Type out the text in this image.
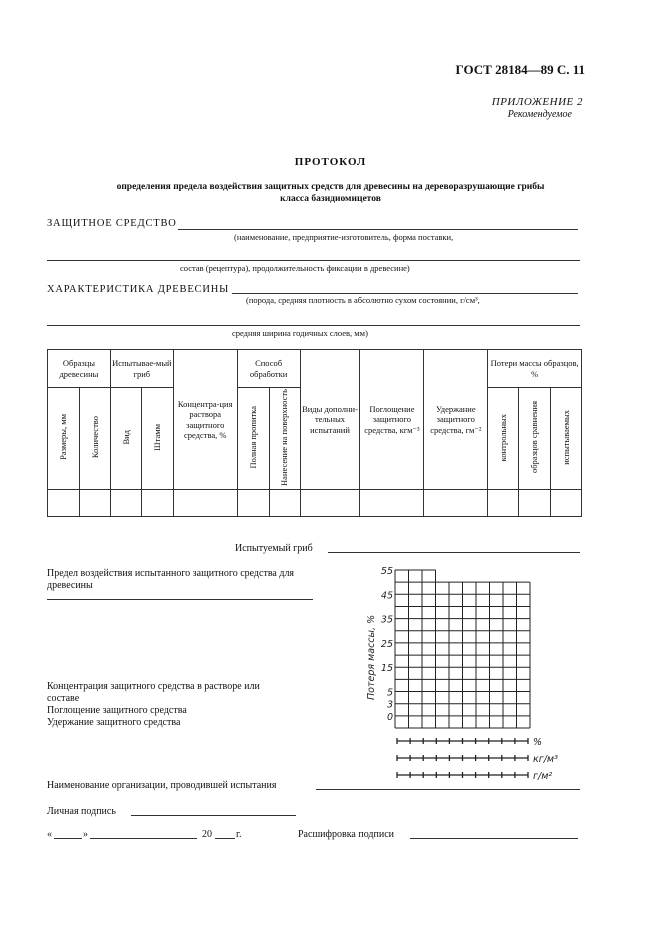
ГОСТ 28184—89 С. 11
ПРИЛОЖЕНИЕ 2
Рекомендуемое
ПРОТОКОЛ
определения предела воздействия защитных средств для древесины на дереворазрушающие грибы
класса базидиомицетов
ЗАЩИТНОЕ СРЕДСТВО
(наименование, предприятие-изготовитель, форма поставки,
состав (рецептура), продолжительность фиксации в древесине)
ХАРАКТЕРИСТИКА ДРЕВЕСИНЫ
(порода, средняя плотность в абсолютно сухом состоянии, г/см³,
средняя ширина годичных слоев, мм)
Образцы древесины		Испытывае-мый гриб		Концентра-ция раствора защитного средства, %	Способ обработки		Виды дополни-тельных испытаний	Поглощение защитного средства, кгм⁻³	Удержание защитного средства, гм⁻²	Потери массы образцов, %		
Размеры, мм	Количество	Вид	Штамм		Полная пропитка	Нанесение на поверхность				контрольных	образцов сравнения	испытываемых

Испытуемый гриб
Предел воздействия испытанного защитного средства для
древесины
Концентрация защитного средства в растворе или
составе
Поглощение защитного средства
Удержание защитного средства
Потеря массы, %
55
45
35
25
15
5
3
0
%
кг/м³
г/м²
Наименование организации, проводившей испытания
Личная подпись
«	»	20 г.	Расшифровка подписи
